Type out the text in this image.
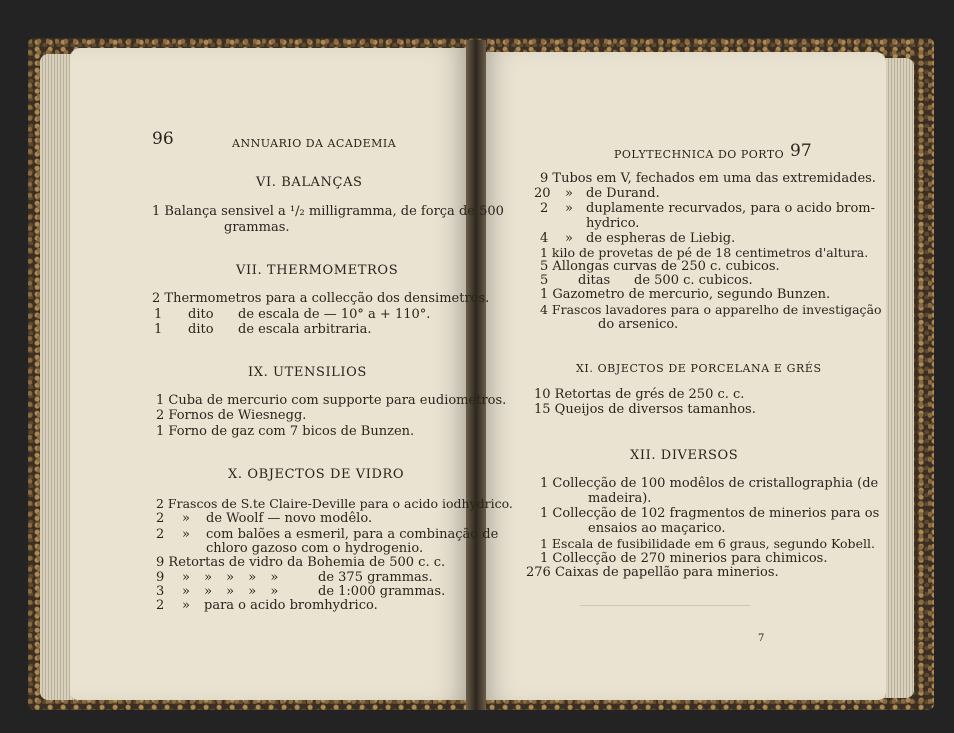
96	ANNUARIO DA ACADEMIA
VI. BALANÇAS
1 Balança sensivel a ¹/₂ milligramma, de força de 500
grammas.
VII. THERMOMETROS
2 Thermometros para a collecção dos densimetros.
1 dito de escala de — 10° a + 110°.
1 dito de escala arbitraria.
IX. UTENSILIOS
1 Cuba de mercurio com supporte para eudiometros.
2 Fornos de Wiesnegg.
1 Forno de gaz com 7 bicos de Bunzen.
X. OBJECTOS DE VIDRO
2 Frascos de S.te Claire-Deville para o acido iodhydrico.
2 » de Woolf — novo modêlo.
2 » com balões a esmeril, para a combinação de
chloro gazoso com o hydrogenio.
9 Retortas de vidro da Bohemia de 500 c. c.
9 » » » » »	de 375 grammas.
3 » » » » »	de 1:000 grammas.
2 » para o acido bromhydrico.
POLYTECHNICA DO PORTO 97
9 Tubos em V, fechados em uma das extremidades.
20 » de Durand.
2 » duplamente recurvados, para o acido brom-
hydrico.
4 » de espheras de Liebig.
1 kilo de provetas de pé de 18 centimetros d'altura.
5 Allongas curvas de 250 c. cubicos.
5 ditas de 500 c. cubicos.
1 Gazometro de mercurio, segundo Bunzen.
4 Frascos lavadores para o apparelho de investigação
do arsenico.
XI. OBJECTOS DE PORCELANA E GRÉS
10 Retortas de grés de 250 c. c.
15 Queijos de diversos tamanhos.
XII. DIVERSOS
1 Collecção de 100 modêlos de cristallographia (de
madeira).
1 Collecção de 102 fragmentos de minerios para os
ensaios ao maçarico.
1 Escala de fusibilidade em 6 graus, segundo Kobell.
1 Collecção de 270 minerios para chimicos.
276 Caixas de papellão para minerios.
7
